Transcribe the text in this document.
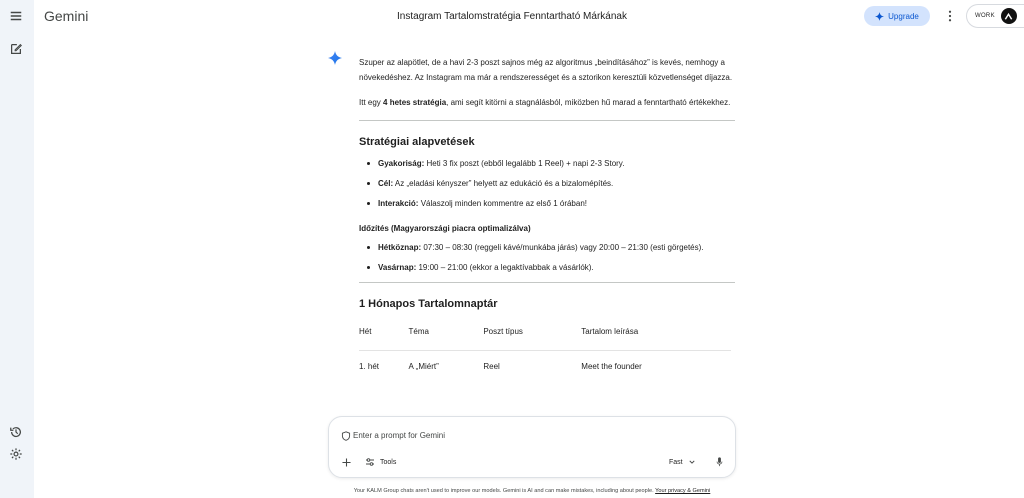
Gemini	Instagram Tartalomstratégia Fenntartható Márkának	Upgrade	WORK

Szuper az alapötlet, de a havi 2-3 poszt sajnos még az algoritmus „beindításához” is kevés, nemhogy a növekedéshez. Az Instagram ma már a rendszerességet és a sztorikon keresztüli közvetlenséget díjazza.

Itt egy 4 hetes stratégia, ami segít kitörni a stagnálásból, miközben hű marad a fenntartható értékekhez.

Stratégiai alapvetések
Gyakoriság: Heti 3 fix poszt (ebből legalább 1 Reel) + napi 2-3 Story.
Cél: Az „eladási kényszer” helyett az edukáció és a bizalomépítés.
Interakció: Válaszolj minden kommentre az első 1 órában!
Időzítés (Magyarországi piacra optimalizálva)
Hétköznap: 07:30 – 08:30 (reggeli kávé/munkába járás) vagy 20:00 – 21:30 (esti görgetés).
Vasárnap: 19:00 – 21:00 (ekkor a legaktívabbak a vásárlók).
1 Hónapos Tartalomnaptár
Hét	Téma	Poszt típus	Tartalom leírása
1. hét	A „Miért”	Reel	Meet the founder
Enter a prompt for Gemini
Tools	Fast
Your KALM Group chats aren't used to improve our models. Gemini is AI and can make mistakes, including about people. Your privacy & Gemini
